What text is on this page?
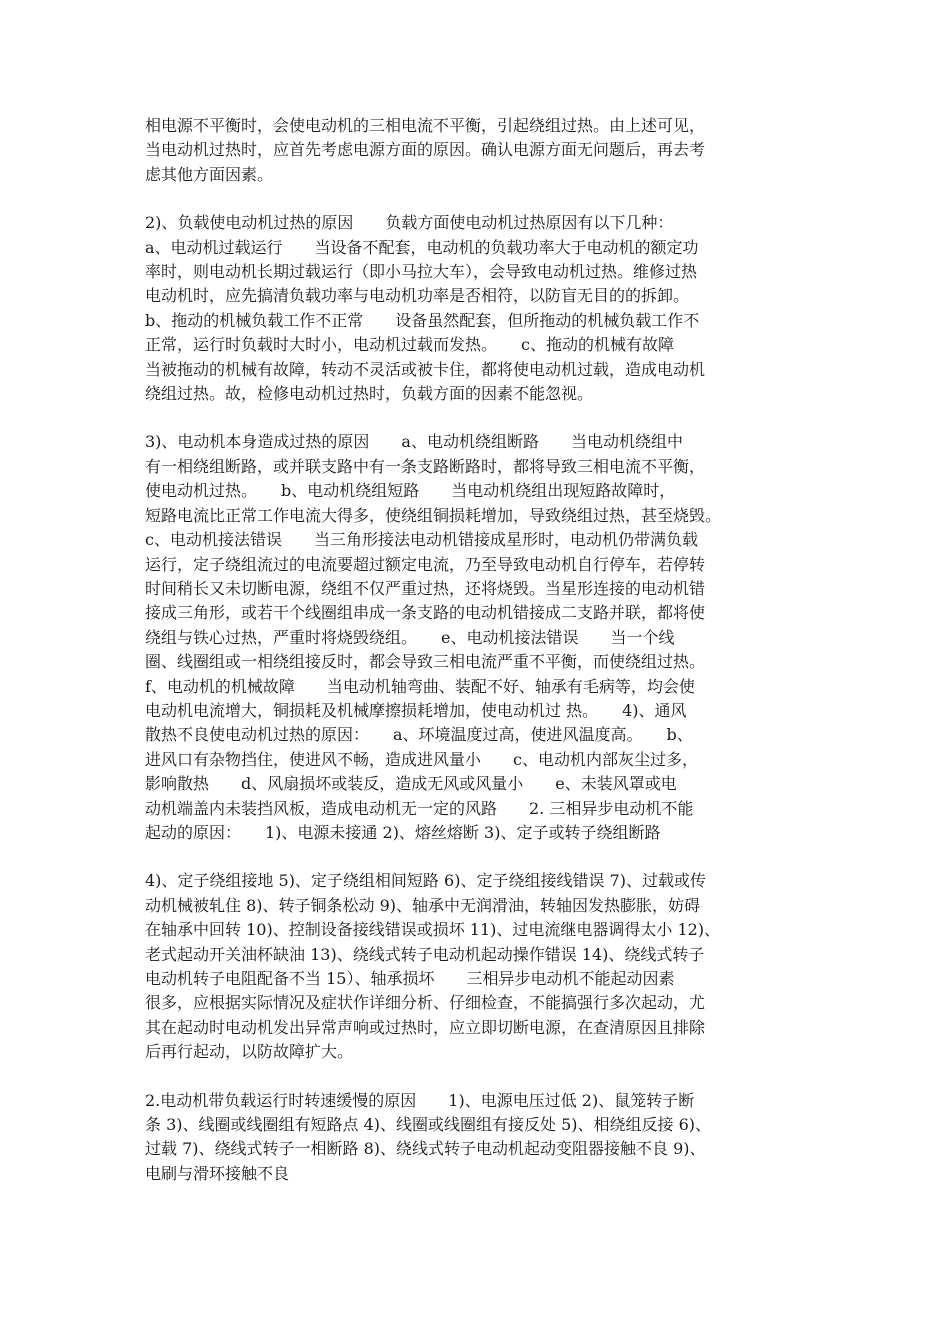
相电源不平衡时，会使电动机的三相电流不平衡，引起绕组过热。由上述可见，
当电动机过热时，应首先考虑电源方面的原因。确认电源方面无问题后，再去考
虑其他方面因素。
2)、负载使电动机过热的原因　　负载方面使电动机过热原因有以下几种：
a、电动机过载运行　　当设备不配套，电动机的负载功率大于电动机的额定功
率时，则电动机长期过载运行（即小马拉大车），会导致电动机过热。维修过热
电动机时，应先搞清负载功率与电动机功率是否相符，以防盲无目的的拆卸。
b、拖动的机械负载工作不正常　　设备虽然配套，但所拖动的机械负载工作不
正常，运行时负载时大时小，电动机过载而发热。　　c、拖动的机械有故障
当被拖动的机械有故障，转动不灵活或被卡住，都将使电动机过载，造成电动机
绕组过热。故，检修电动机过热时，负载方面的因素不能忽视。
3)、电动机本身造成过热的原因　　a、电动机绕组断路　　当电动机绕组中
有一相绕组断路，或并联支路中有一条支路断路时，都将导致三相电流不平衡，
使电动机过热。　　b、电动机绕组短路　　当电动机绕组出现短路故障时，
短路电流比正常工作电流大得多，使绕组铜损耗增加，导致绕组过热，甚至烧毁。
c、电动机接法错误　　当三角形接法电动机错接成星形时，电动机仍带满负载
运行，定子绕组流过的电流要超过额定电流，乃至导致电动机自行停车，若停转
时间稍长又未切断电源，绕组不仅严重过热，还将烧毁。当星形连接的电动机错
接成三角形，或若干个线圈组串成一条支路的电动机错接成二支路并联，都将使
绕组与铁心过热，严重时将烧毁绕组。　　e、电动机接法错误　　当一个线
圈、线圈组或一相绕组接反时，都会导致三相电流严重不平衡，而使绕组过热。
f、电动机的机械故障　　当电动机轴弯曲、装配不好、轴承有毛病等，均会使
电动机电流增大，铜损耗及机械摩擦损耗增加，使电动机过 热。　　4)、通风
散热不良使电动机过热的原因：　　a、环境温度过高，使进风温度高。　　b、
进风口有杂物挡住，使进风不畅，造成进风量小　　c、电动机内部灰尘过多，
影响散热　　d、风扇损坏或装反，造成无风或风量小　　e、未装风罩或电
动机端盖内未装挡风板，造成电动机无一定的风路　　2. 三相异步电动机不能
起动的原因：　　1)、电源未接通 2)、熔丝熔断 3)、定子或转子绕组断路
4)、定子绕组接地 5)、定子绕组相间短路 6)、定子绕组接线错误 7)、过载或传
动机械被轧住 8)、转子铜条松动 9)、轴承中无润滑油，转轴因发热膨胀，妨碍
在轴承中回转 10)、控制设备接线错误或损坏 11)、过电流继电器调得太小 12)、
老式起动开关油杯缺油 13)、绕线式转子电动机起动操作错误 14)、绕线式转子
电动机转子电阻配备不当 15）、轴承损坏　　三相异步电动机不能起动因素
很多，应根据实际情况及症状作详细分析、仔细检查，不能搞强行多次起动，尤
其在起动时电动机发出异常声响或过热时，应立即切断电源，在查清原因且排除
后再行起动，以防故障扩大。
2.电动机带负载运行时转速缓慢的原因　　1)、电源电压过低 2)、鼠笼转子断
条 3)、线圈或线圈组有短路点 4)、线圈或线圈组有接反处 5)、相绕组反接 6)、
过载 7)、绕线式转子一相断路 8)、绕线式转子电动机起动变阻器接触不良 9)、
电刷与滑环接触不良
